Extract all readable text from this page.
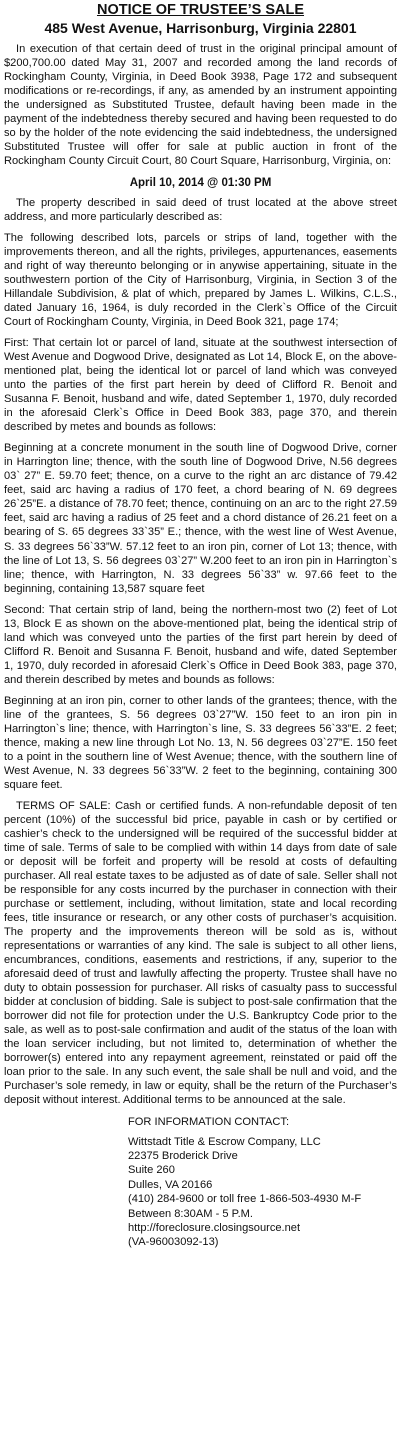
NOTICE OF TRUSTEE’S SALE
485 West Avenue, Harrisonburg, Virginia 22801

In execution of that certain deed of trust in the original principal amount of $200,700.00 dated May 31, 2007 and recorded among the land records of Rockingham County, Virginia, in Deed Book 3938, Page 172 and subsequent modifications or re-recordings, if any, as amended by an instrument appointing the undersigned as Substituted Trustee, default having been made in the payment of the indebtedness thereby secured and having been requested to do so by the holder of the note evidencing the said indebtedness, the undersigned Substituted Trustee will offer for sale at public auction in front of the Rockingham County Circuit Court, 80 Court Square, Harrisonburg, Virginia, on:

April 10, 2014 @ 01:30 PM

The property described in said deed of trust located at the above street address, and more particularly described as:

The following described lots, parcels or strips of land, together with the improvements thereon, and all the rights, privileges, appurtenances, easements and right of way thereunto belonging or in anywise appertaining, situate in the southwestern portion of the City of Harrisonburg, Virginia, in Section 3 of the Hillandale Subdivision, & plat of which, prepared by James L. Wilkins, C.L.S., dated January 16, 1964, is duly recorded in the Clerk`s Office of the Circuit Court of Rockingham County, Virginia, in Deed Book 321, page 174;

First: That certain lot or parcel of land, situate at the southwest intersection of West Avenue and Dogwood Drive, designated as Lot 14, Block E, on the above-mentioned plat, being the identical lot or parcel of land which was conveyed unto the parties of the first part herein by deed of Clifford R. Benoit and Susanna F. Benoit, husband and wife, dated September 1, 1970, duly recorded in the aforesaid Clerk`s Office in Deed Book 383, page 370, and therein described by metes and bounds as follows:

Beginning at a concrete monument in the south line of Dogwood Drive, corner in Harrington line; thence, with the south line of Dogwood Drive, N.56 degrees 03` 27” E. 59.70 feet; thence, on a curve to the right an arc distance of 79.42 feet, said arc having a radius of 170 feet, a chord bearing of N. 69 degrees 26`25”E. a distance of 78.70 feet; thence, continuing on an arc to the right 27.59 feet, said arc having a radius of 25 feet and a chord distance of 26.21 feet on a bearing of S. 65 degrees 33`35” E.; thence, with the west line of West Avenue, S. 33 degrees 56`33”W. 57.12 feet to an iron pin, corner of Lot 13; thence, with the line of Lot 13, S. 56 degrees 03`27” W.200 feet to an iron pin in Harrington`s line; thence, with Harrington, N. 33 degrees 56`33” w. 97.66 feet to the beginning, containing 13,587 square feet

Second: That certain strip of land, being the northern-most two (2) feet of Lot 13, Block E as shown on the above-mentioned plat, being the identical strip of land which was conveyed unto the parties of the first part herein by deed of Clifford R. Benoit and Susanna F. Benoit, husband and wife, dated September 1, 1970, duly recorded in aforesaid Clerk`s Office in Deed Book 383, page 370, and therein described by metes and bounds as follows:

Beginning at an iron pin, corner to other lands of the grantees; thence, with the line of the grantees, S. 56 degrees 03`27”W. 150 feet to an iron pin in Harrington`s line; thence, with Harrington`s line, S. 33 degrees 56`33”E. 2 feet; thence, making a new line through Lot No. 13, N. 56 degrees 03`27”E. 150 feet to a point in the southern line of West Avenue; thence, with the southern line of West Avenue, N. 33 degrees 56`33”W. 2 feet to the beginning, containing 300 square feet.

TERMS OF SALE: Cash or certified funds. A non-refundable deposit of ten percent (10%) of the successful bid price, payable in cash or by certified or cashier’s check to the undersigned will be required of the successful bidder at time of sale. Terms of sale to be complied with within 14 days from date of sale or deposit will be forfeit and property will be resold at costs of defaulting purchaser. All real estate taxes to be adjusted as of date of sale. Seller shall not be responsible for any costs incurred by the purchaser in connection with their purchase or settlement, including, without limitation, state and local recording fees, title insurance or research, or any other costs of purchaser’s acquisition. The property and the improvements thereon will be sold as is, without representations or warranties of any kind. The sale is subject to all other liens, encumbrances, conditions, easements and restrictions, if any, superior to the aforesaid deed of trust and lawfully affecting the property. Trustee shall have no duty to obtain possession for purchaser. All risks of casualty pass to successful bidder at conclusion of bidding. Sale is subject to post-sale confirmation that the borrower did not file for protection under the U.S. Bankruptcy Code prior to the sale, as well as to post-sale confirmation and audit of the status of the loan with the loan servicer including, but not limited to, determination of whether the borrower(s) entered into any repayment agreement, reinstated or paid off the loan prior to the sale. In any such event, the sale shall be null and void, and the Purchaser’s sole remedy, in law or equity, shall be the return of the Purchaser’s deposit without interest. Additional terms to be announced at the sale.

FOR INFORMATION CONTACT:
Wittstadt Title & Escrow Company, LLC
22375 Broderick Drive
Suite 260
Dulles, VA 20166
(410) 284-9600 or toll free 1-866-503-4930 M-F
Between 8:30AM - 5 P.M.
http://foreclosure.closingsource.net
(VA-96003092-13)
